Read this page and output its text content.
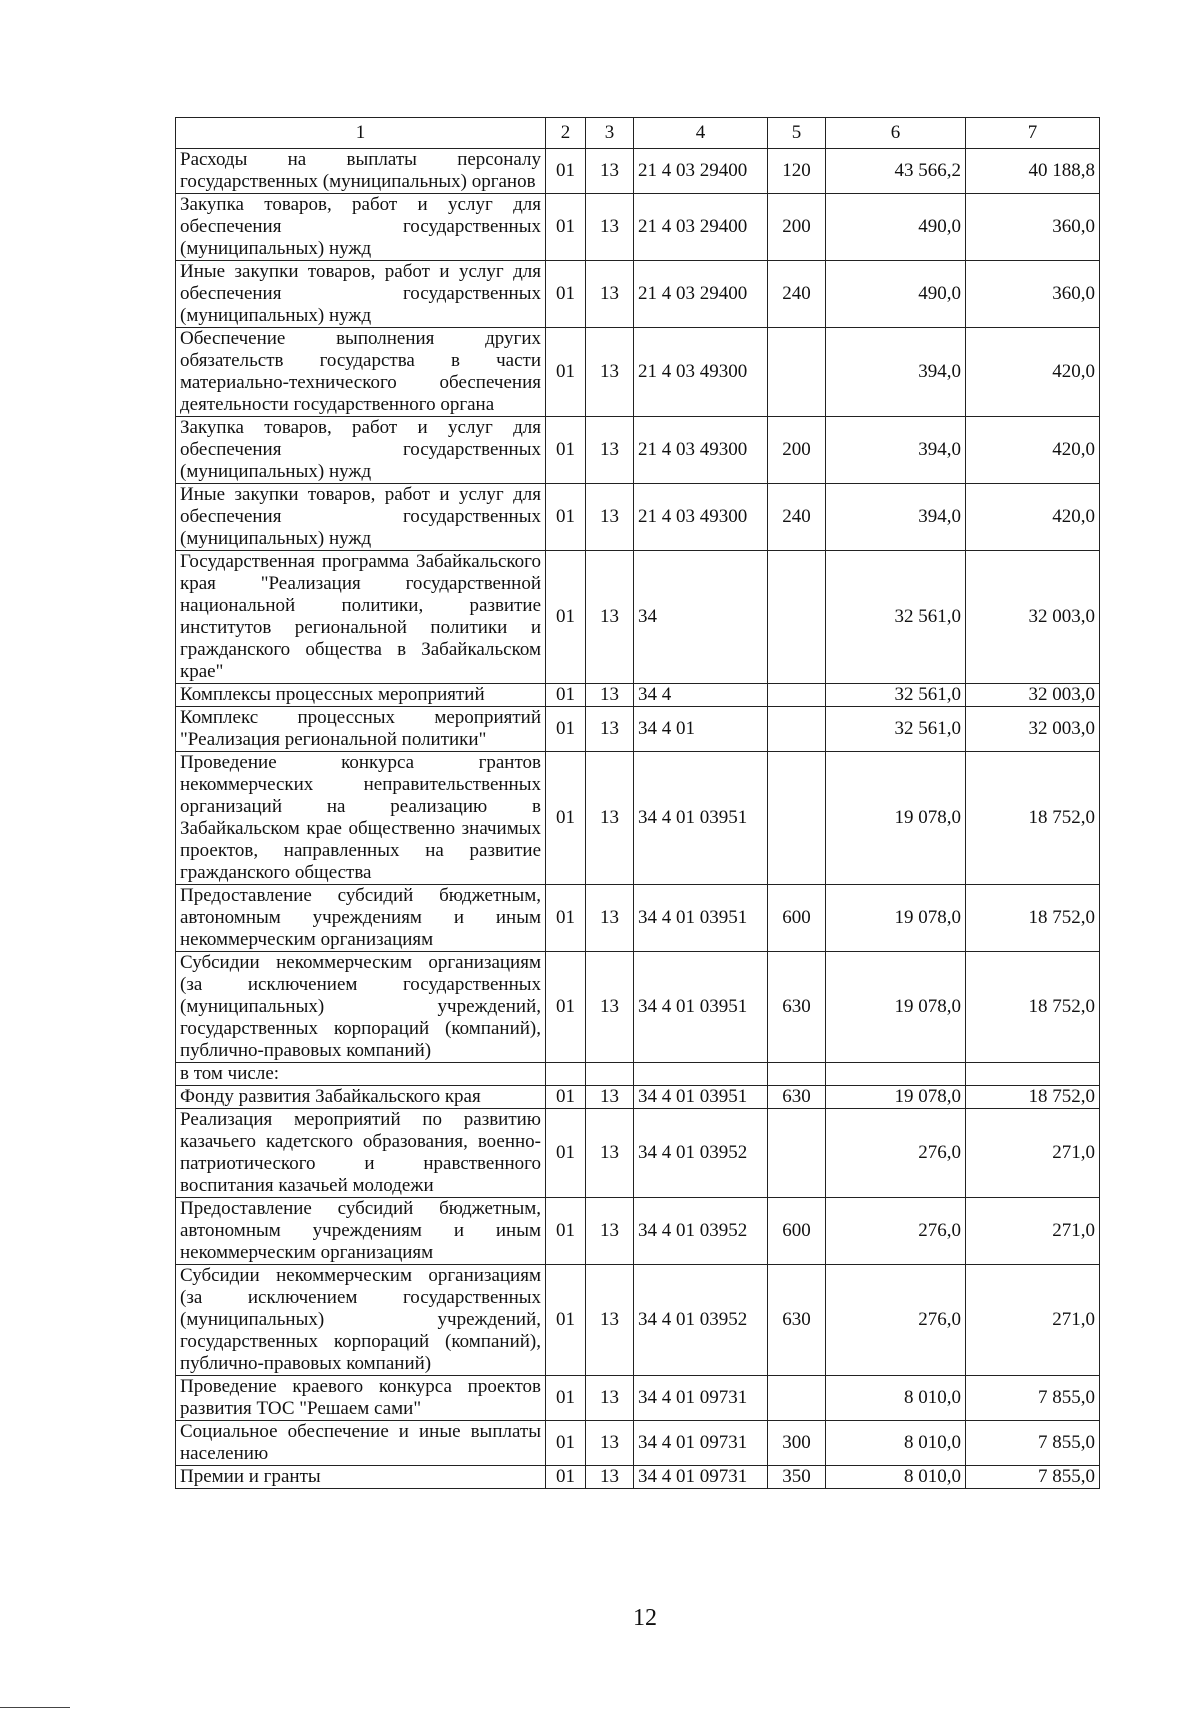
1	2	3	4	5	6	7
Расходы на выплаты персоналу государственных (муниципальных) органов	01	13	21 4 03 29400	120	43 566,2	40 188,8
Закупка товаров, работ и услуг для обеспечения государственных (муниципальных) нужд	01	13	21 4 03 29400	200	490,0	360,0
Иные закупки товаров, работ и услуг для обеспечения государственных (муниципальных) нужд	01	13	21 4 03 29400	240	490,0	360,0
Обеспечение выполнения других обязательств государства в части материально-технического обеспечения деятельности государственного органа	01	13	21 4 03 49300		394,0	420,0
Закупка товаров, работ и услуг для обеспечения государственных (муниципальных) нужд	01	13	21 4 03 49300	200	394,0	420,0
Иные закупки товаров, работ и услуг для обеспечения государственных (муниципальных) нужд	01	13	21 4 03 49300	240	394,0	420,0
Государственная программа Забайкальского края "Реализация государственной национальной политики, развитие институтов региональной политики и гражданского общества в Забайкальском крае"	01	13	34		32 561,0	32 003,0
Комплексы процессных мероприятий	01	13	34 4		32 561,0	32 003,0
Комплекс процессных мероприятий "Реализация региональной политики"	01	13	34 4 01		32 561,0	32 003,0
Проведение конкурса грантов некоммерческих неправительственных организаций на реализацию в Забайкальском крае общественно значимых проектов, направленных на развитие гражданского общества	01	13	34 4 01 03951		19 078,0	18 752,0
Предоставление субсидий бюджетным, автономным учреждениям и иным некоммерческим организациям	01	13	34 4 01 03951	600	19 078,0	18 752,0
Субсидии некоммерческим организациям (за исключением государственных (муниципальных) учреждений, государственных корпораций (компаний), публично-правовых компаний)	01	13	34 4 01 03951	630	19 078,0	18 752,0
в том числе:						
Фонду развития Забайкальского края	01	13	34 4 01 03951	630	19 078,0	18 752,0
Реализация мероприятий по развитию казачьего кадетского образования, военно-патриотического и нравственного воспитания казачьей молодежи	01	13	34 4 01 03952		276,0	271,0
Предоставление субсидий бюджетным, автономным учреждениям и иным некоммерческим организациям	01	13	34 4 01 03952	600	276,0	271,0
Субсидии некоммерческим организациям (за исключением государственных (муниципальных) учреждений, государственных корпораций (компаний), публично-правовых компаний)	01	13	34 4 01 03952	630	276,0	271,0
Проведение краевого конкурса проектов развития ТОС "Решаем сами"	01	13	34 4 01 09731		8 010,0	7 855,0
Социальное обеспечение и иные выплаты населению	01	13	34 4 01 09731	300	8 010,0	7 855,0
Премии и гранты	01	13	34 4 01 09731	350	8 010,0	7 855,0
12
